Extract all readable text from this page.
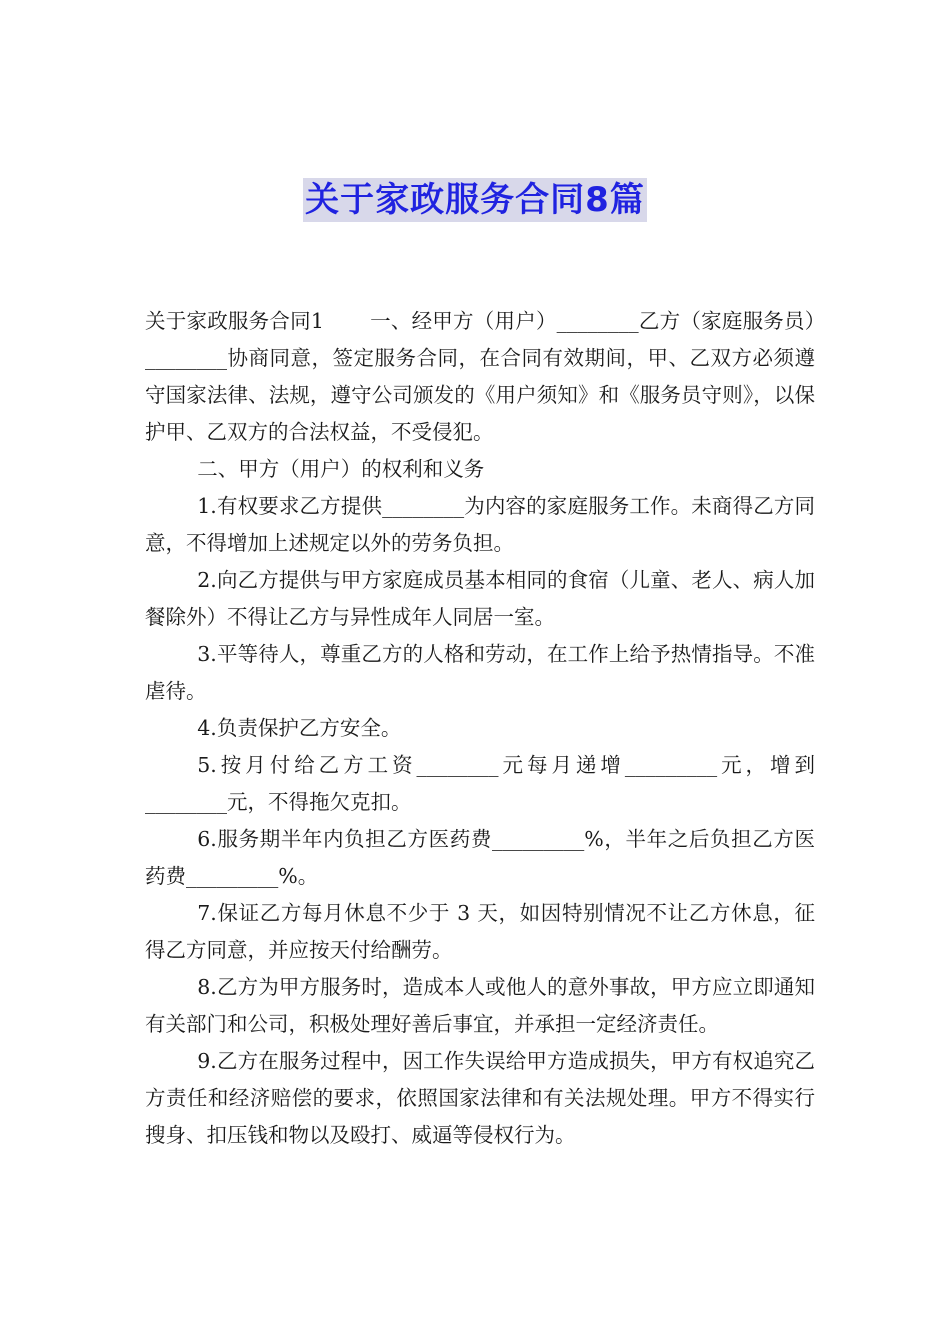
关于家政服务合同8篇

关于家政服务合同1 一、经甲方（用户）________乙方（家庭服务员）________协商同意，签定服务合同，在合同有效期间，甲、乙双方必须遵守国家法律、法规，遵守公司颁发的《用户须知》和《服务员守则》，以保护甲、乙双方的合法权益，不受侵犯。

二、甲方（用户）的权利和义务

1.有权要求乙方提供________为内容的家庭服务工作。未商得乙方同意，不得增加上述规定以外的劳务负担。

2.向乙方提供与甲方家庭成员基本相同的食宿（儿童、老人、病人加餐除外）不得让乙方与异性成年人同居一室。

3.平等待人，尊重乙方的人格和劳动，在工作上给予热情指导。不准虐待。

4.负责保护乙方安全。

5.按月付给乙方工资________元每月递增_________元，增到________元，不得拖欠克扣。

6.服务期半年内负担乙方医药费_________%，半年之后负担乙方医药费_________%。

7.保证乙方每月休息不少于 3 天，如因特别情况不让乙方休息，征得乙方同意，并应按天付给酬劳。

8.乙方为甲方服务时，造成本人或他人的意外事故，甲方应立即通知有关部门和公司，积极处理好善后事宜，并承担一定经济责任。

9.乙方在服务过程中，因工作失误给甲方造成损失，甲方有权追究乙方责任和经济赔偿的要求，依照国家法律和有关法规处理。甲方不得实行搜身、扣压钱和物以及殴打、威逼等侵权行为。
